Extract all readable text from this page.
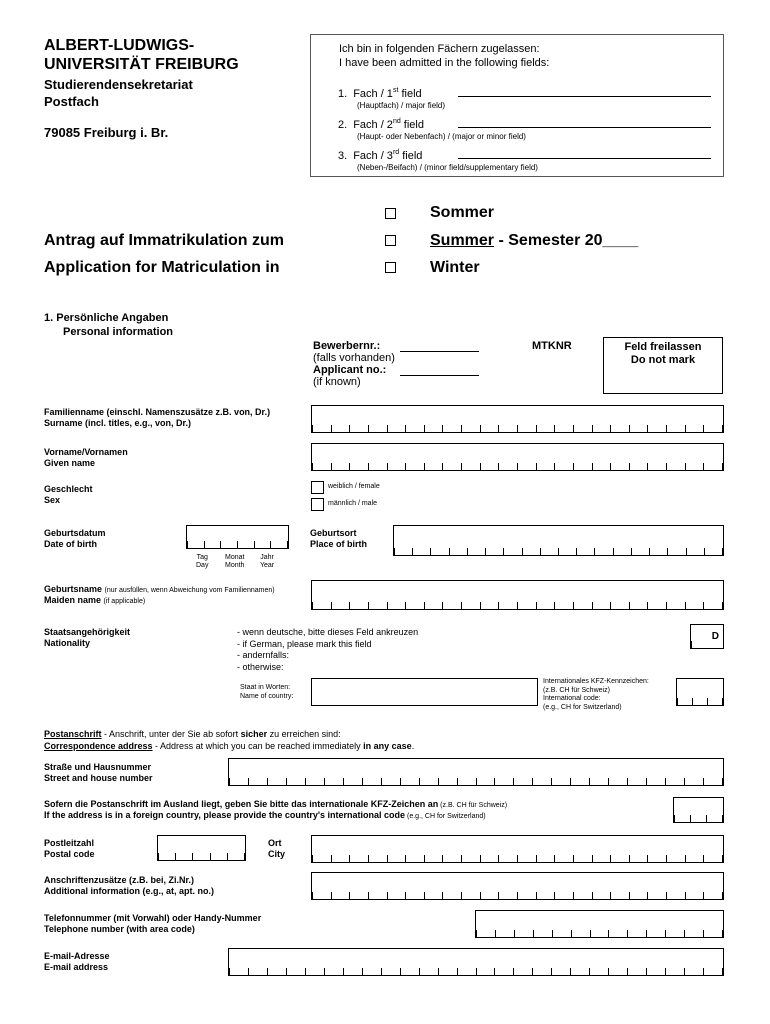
ALBERT-LUDWIGS-
UNIVERSITÄT FREIBURG
Studierendensekretariat
Postfach
79085 Freiburg i. Br.
Ich bin in folgenden Fächern zugelassen:
I have been admitted in the following fields:
1. Fach / 1st field
(Hauptfach) / major field)
2. Fach / 2nd field
(Haupt- oder Nebenfach) / (major or minor field)
3. Fach / 3rd field
(Neben-/Beifach) / (minor field/supplementary field)
Antrag auf Immatrikulation zum
Application for Matriculation in
Sommer
Summer - Semester 20____
Winter
1. Persönliche Angaben
Personal information
Bewerbernr.:
(falls vorhanden)
Applicant no.:
(if known)
MTKNR	Feld freilassen
Do not mark
Familienname (einschl. Namenszusätze z.B. von, Dr.)
Surname (incl. titles, e.g., von, Dr.)
Vorname/Vornamen
Given name
Geschlecht
Sex
weiblich / female
männlich / male
Geburtsdatum
Date of birth
Tag
Day
Monat
Month
Jahr
Year
Geburtsort
Place of birth
Geburtsname (nur ausfüllen, wenn Abweichung vom Familiennamen)
Maiden name (if applicable)
Staatsangehörigkeit
Nationality
- wenn deutsche, bitte dieses Feld ankreuzen
- if German, please mark this field
- andernfalls:
- otherwise:
D
Staat in Worten:
Name of country:
Internationales KFZ-Kennzeichen:
(z.B. CH für Schweiz)
International code:
(e.g., CH for Switzerland)
Postanschrift - Anschrift, unter der Sie ab sofort sicher zu erreichen sind:
Correspondence address - Address at which you can be reached immediately in any case.
Straße und Hausnummer
Street and house number
Sofern die Postanschrift im Ausland liegt, geben Sie bitte das internationale KFZ-Zeichen an (z.B. CH für Schweiz)
If the address is in a foreign country, please provide the country's international code (e.g., CH for Switzerland)
Postleitzahl
Postal code
Ort
City
Anschriftenzusätze (z.B. bei, Zi.Nr.)
Additional information (e.g., at, apt. no.)
Telefonnummer (mit Vorwahl) oder Handy-Nummer
Telephone number (with area code)
E-mail-Adresse
E-mail address
